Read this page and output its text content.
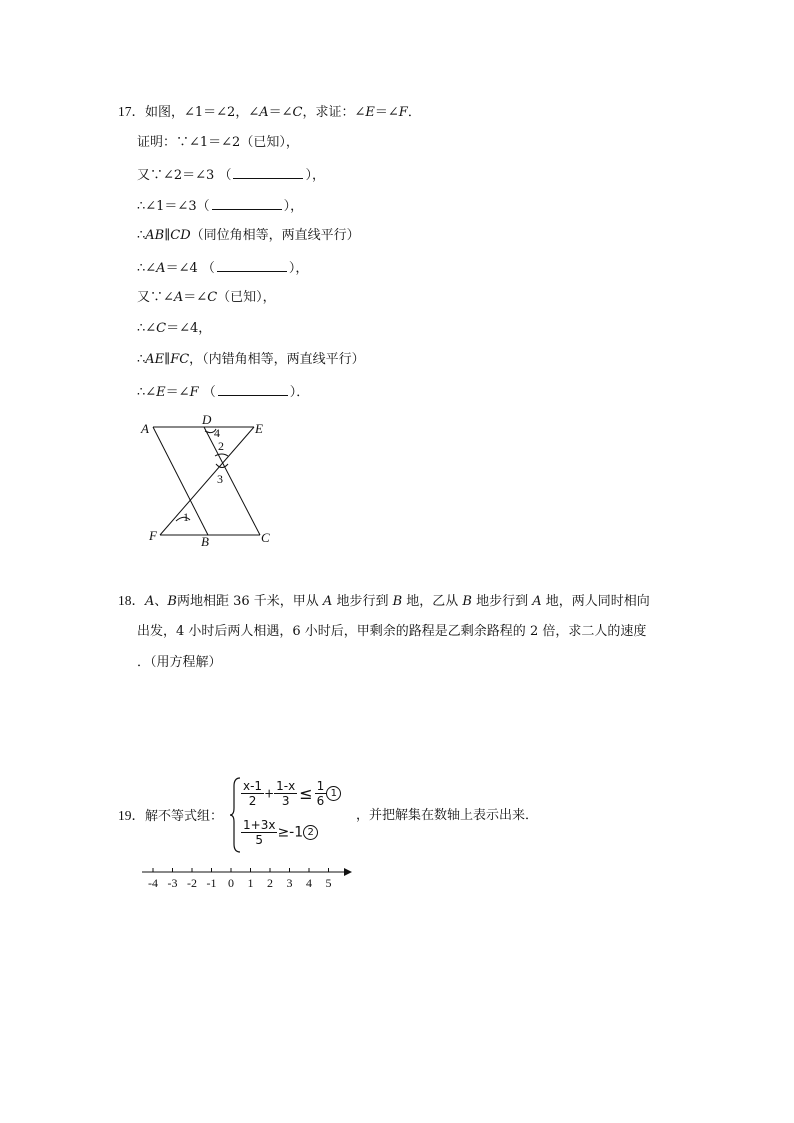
17．如图，∠1＝∠2，∠A＝∠C，求证：∠E＝∠F．
证明：∵∠1＝∠2（已知），
又∵∠2＝∠3 （	），
∴∠1＝∠3（	），
∴AB∥CD（同位角相等，两直线平行）
∴∠A＝∠4 （	），
又∵∠A＝∠C（已知），
∴∠C＝∠4，
∴AE∥FC，（内错角相等，两直线平行）
∴∠E＝∠F （	）．
A
D
E
F	B	C
4
2
3
1
18．A、B两地相距 36 千米，甲从 A 地步行到 B 地，乙从 B 地步行到 A 地，两人同时相向
出发，4 小时后两人相遇，6 小时后，甲剩余的路程是乙剩余路程的 2 倍，求二人的速度
．（用方程解）
19．解不等式组：
$\frac{x-1}{2} + \frac{1-x}{3} \le \frac{1}{6} 1$
$\frac{1+3x}{5} \ge-1$ 2
，并把解集在数轴上表示出来．
-4 -3 -2 -1 0 1 2 3 4 5
